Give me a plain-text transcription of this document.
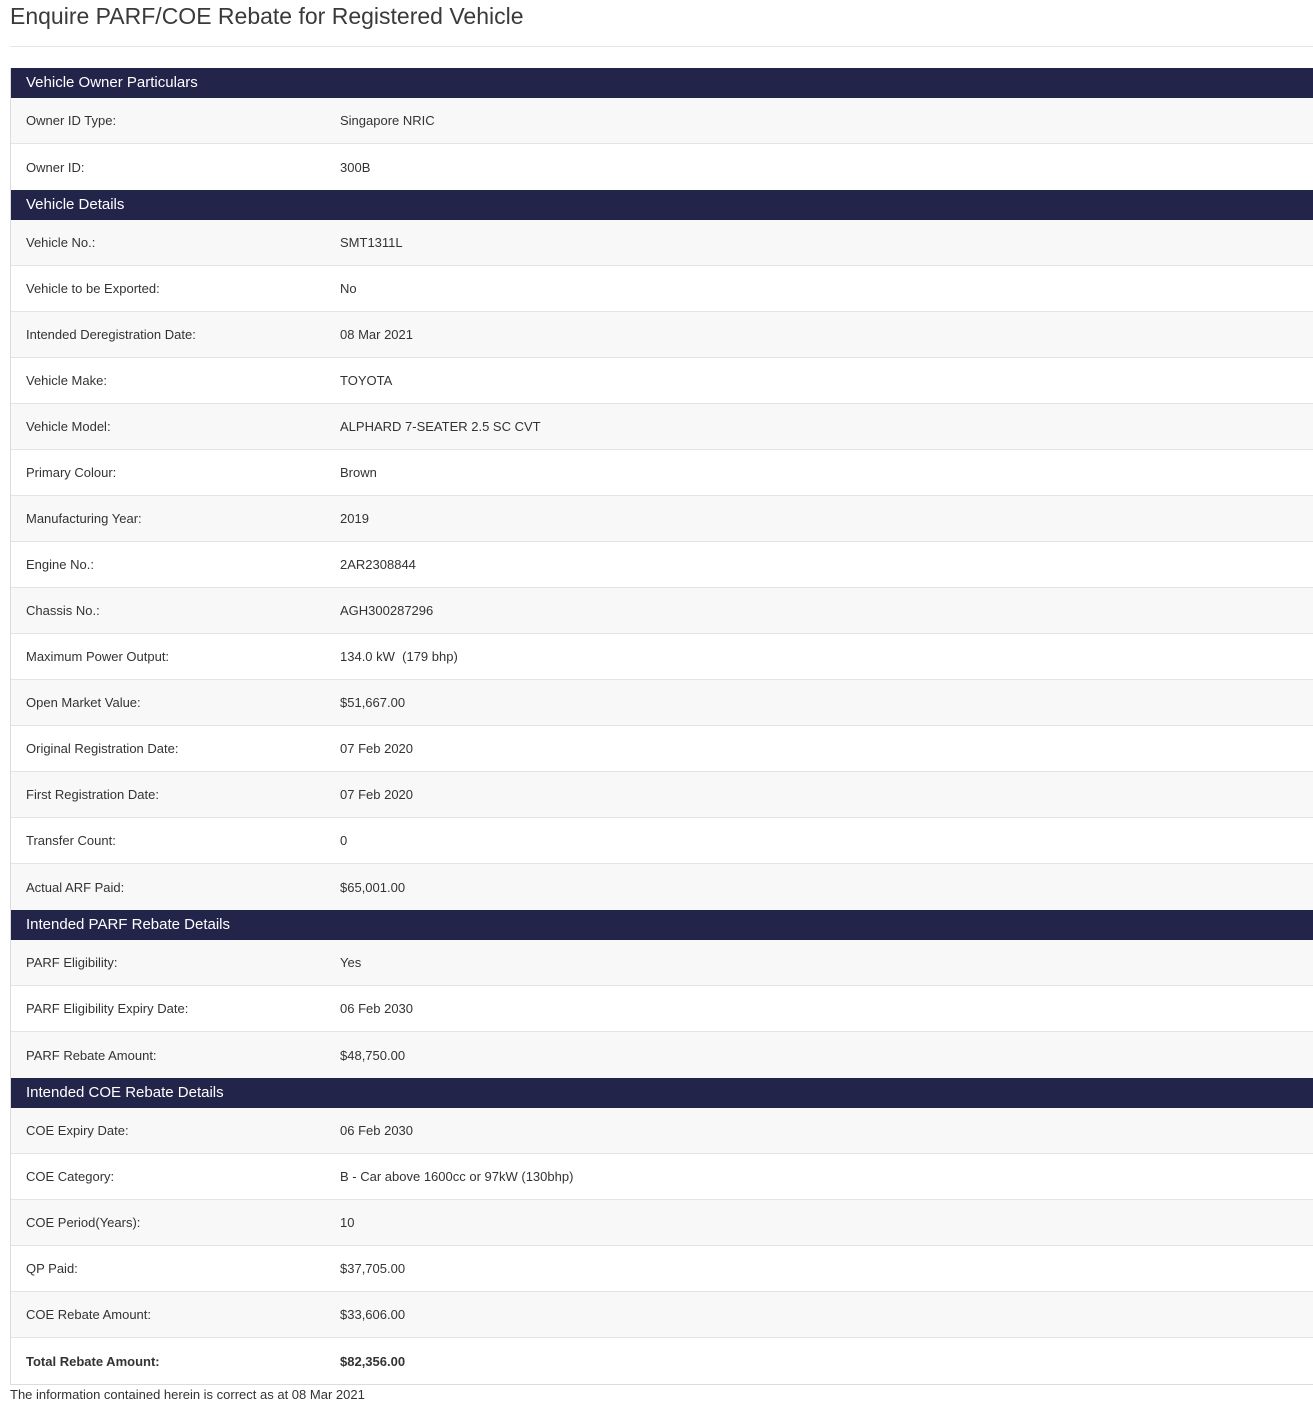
Enquire PARF/COE Rebate for Registered Vehicle
Vehicle Owner Particulars
Owner ID Type:	Singapore NRIC
Owner ID:	300B
Vehicle Details
Vehicle No.:	SMT1311L
Vehicle to be Exported:	No
Intended Deregistration Date:	08 Mar 2021
Vehicle Make:	TOYOTA
Vehicle Model:	ALPHARD 7-SEATER 2.5 SC CVT
Primary Colour:	Brown
Manufacturing Year:	2019
Engine No.:	2AR2308844
Chassis No.:	AGH300287296
Maximum Power Output:	134.0 kW  (179 bhp)
Open Market Value:	$51,667.00
Original Registration Date:	07 Feb 2020
First Registration Date:	07 Feb 2020
Transfer Count:	0
Actual ARF Paid:	$65,001.00
Intended PARF Rebate Details
PARF Eligibility:	Yes
PARF Eligibility Expiry Date:	06 Feb 2030
PARF Rebate Amount:	$48,750.00
Intended COE Rebate Details
COE Expiry Date:	06 Feb 2030
COE Category:	B - Car above 1600cc or 97kW (130bhp)
COE Period(Years):	10
QP Paid:	$37,705.00
COE Rebate Amount:	$33,606.00
Total Rebate Amount:	$82,356.00
The information contained herein is correct as at 08 Mar 2021
